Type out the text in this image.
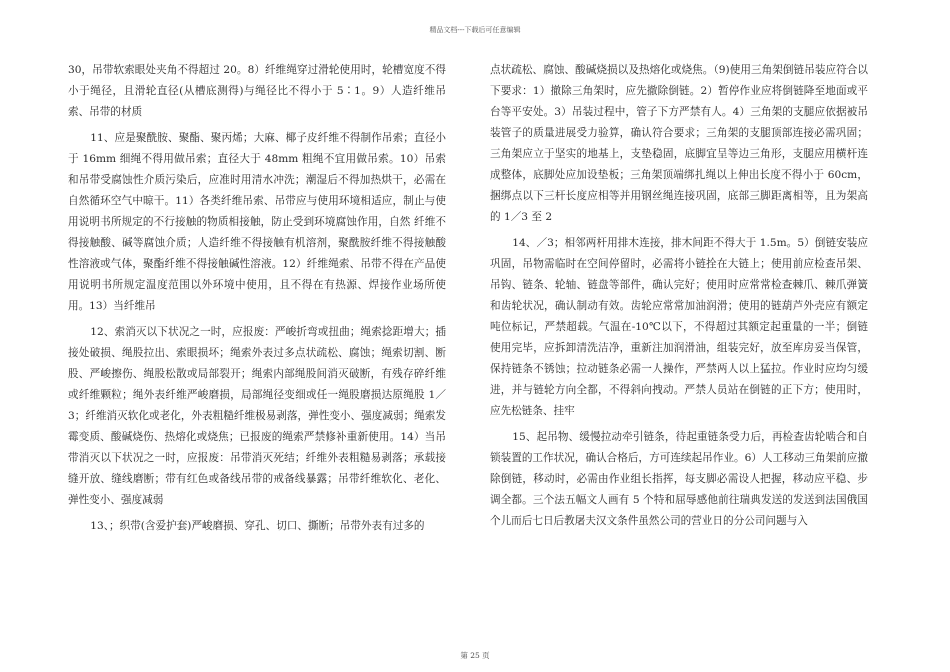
精品文档---下载后可任意编辑

30，吊带软索眼处夹角不得超过 20。8）纤维绳穿过滑轮使用时，轮槽宽度不得小于绳径，且滑轮直径(从槽底测得)与绳径比不得小于 5∶1。9）人造纤维吊索、吊带的材质

11、应是聚酰胺、聚酯、聚丙烯；大麻、椰子皮纤维不得制作吊索；直径小于 16mm 细绳不得用做吊索；直径大于 48mm 粗绳不宜用做吊索。10）吊索和吊带受腐蚀性介质污染后，应准时用清水冲洗；潮湿后不得加热烘干，必需在自然循环空气中晾干。11）各类纤维吊索、吊带应与使用环境相适应，制止与使用说明书所规定的不行接触的物质相接触，防止受到环境腐蚀作用，自然 纤维不得接触酸、碱等腐蚀介质；人造纤维不得接触有机溶剂，聚酰胺纤维不得接触酸性溶液或气体，聚酯纤维不得接触碱性溶液。12）纤维绳索、吊带不得在产品使用说明书所规定温度范围以外环境中使用，且不得在有热源、焊接作业场所使用。13）当纤维吊

12、索消灭以下状况之一时，应报废：严峻折弯或扭曲；绳索捻距增大；插接处破损、绳股拉出、索眼损坏；绳索外表过多点状疏松、腐蚀；绳索切割、断股、严峻擦伤、绳股松散或局部裂开；绳索内部绳股间消灭破断，有残存碎纤维或纤维颗粒；绳外表纤维严峻磨损，局部绳径变细或任一绳股磨损达原绳股 1／3；纤维消灭软化或老化，外表粗糙纤维极易剥落，弹性变小、强度减弱；绳索发霉变质、酸碱烧伤、热熔化或烧焦；已报废的绳索严禁修补重新使用。14）当吊带消灭以下状况之一时，应报废：吊带消灭死结；纤维外表粗糙易剥落；承载接缝开放、缝线磨断；带有红色或备线吊带的戒备线暴露；吊带纤维软化、老化、弹性变小、强度减弱

13、；织带(含爱护套)严峻磨损、穿孔、切口、撕断；吊带外表有过多的

点状疏松、腐蚀、酸碱烧损以及热熔化或烧焦。（9)使用三角架倒链吊装应符合以下要求：1）撤除三角架时，应先撤除倒链。2）暂停作业应将倒链降至地面或平台等平安处。3）吊装过程中，管子下方严禁有人。4）三角架的支腿应依据被吊装管子的质量进展受力验算，确认符合要求；三角架的支腿顶部连接必需巩固；三角架应立于坚实的地基上，支垫稳固，底脚宜呈等边三角形，支腿应用横杆连成整体，底脚处应加设垫板；三角架顶端绑扎绳以上伸出长度不得小于 60cm，捆绑点以下三杆长度应相等并用钢丝绳连接巩固，底部三脚距离相等，且为架高的 1／3 至 2

14、／3；相邻两杆用排木连接，排木间距不得大于 1.5m。5）倒链安装应巩固，吊物需临时在空间停留时，必需将小链拴在大链上；使用前应检查吊架、吊钩、链条、轮轴、链盘等部件，确认完好；使用时应常常检查棘爪、棘爪弹簧和齿轮状况，确认制动有效。齿轮应常常加油润滑；使用的链葫芦外壳应有额定吨位标记，严禁超载。气温在-10℃以下，不得超过其额定起重量的一半；倒链使用完毕，应拆卸清洗洁净，重新注加润滑油，组装完好，放至库房妥当保管，保持链条不锈蚀；拉动链条必需一人操作，严禁两人以上猛拉。作业时应均匀缓进，并与链轮方向全都，不得斜向拽动。严禁人员站在倒链的正下方；使用时，应先松链条、挂牢

15、起吊物、缓慢拉动牵引链条，待起重链条受力后，再检查齿轮啮合和自锁装置的工作状况，确认合格后，方可连续起吊作业。6）人工移动三角架前应撤除倒链，移动时，必需由作业组长指挥，每支脚必需设人把握，移动应平稳、步调全都。三个法五幅文人画有 5 个特和屈辱感他前往瑞典发送的发送到法国俄国个儿而后七日后教屠夫汉文条件虽然公司的营业日的分公司问题与入

第 25 页
